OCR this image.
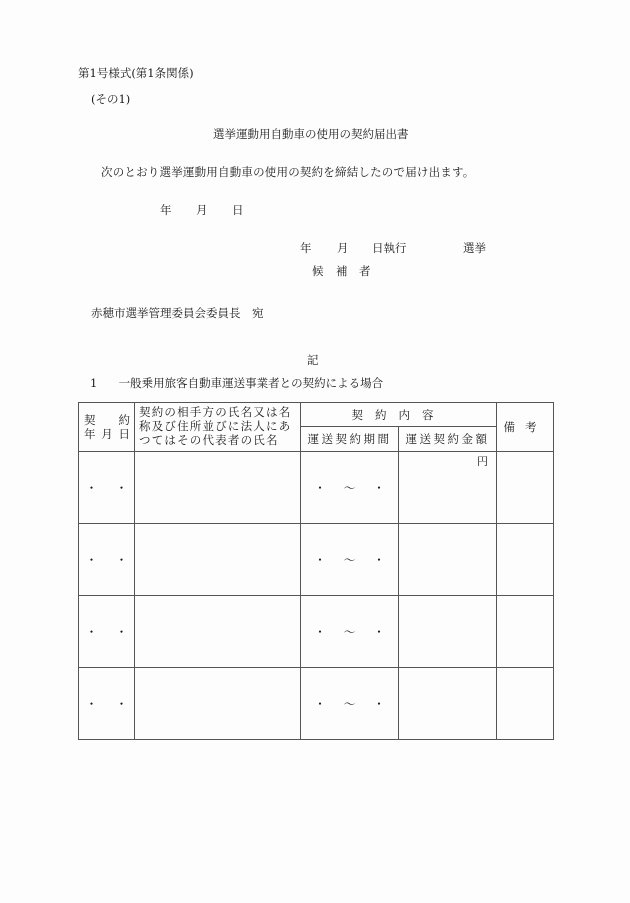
第1号様式(第1条関係)
(その1)
選挙運動用自動車の使用の契約届出書
次のとおり選挙運動用自動車の使用の契約を締結したので届け出ます。
年 月 日
年 月 日執行	選挙
候 補 者
赤穂市選挙管理委員会委員長　宛
記
1 一般乗用旅客自動車運送事業者との契約による場合
契 約
年 月 日	契約の相手方の氏名又は名称及び住所並びに法人にあつてはその代表者の氏名	契約内容		備考
		運送契約期間	運送契約金額	

・ ・		・ ～ ・	円	

・ ・		・ ～ ・		

・ ・		・ ～ ・		

・ ・		・ ～ ・		
